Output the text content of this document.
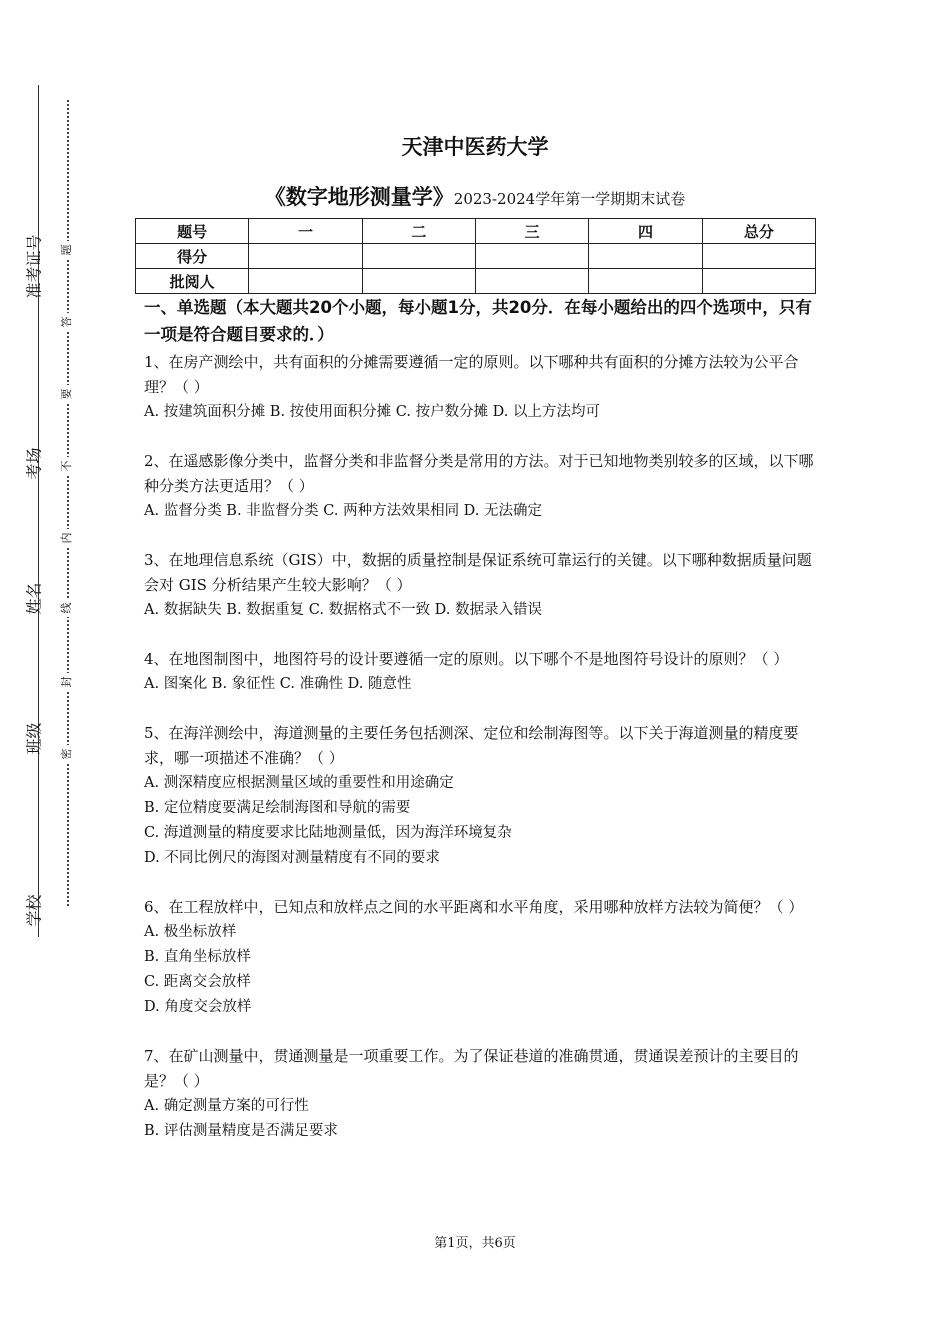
准考证号
考场
姓名
班级
学校
题
答
要
不
内
线
封
密
天津中医药大学
《数字地形测量学》2023-2024学年第一学期期末试卷
题号	一	二	三	四	总分
得分					
批阅人					
一、单选题（本大题共20个小题，每小题1分，共20分．在每小题给出的四个选项中，只有一项是符合题目要求的．）
1、在房产测绘中，共有面积的分摊需要遵循一定的原则。以下哪种共有面积的分摊方法较为公平合理？（ ）
A. 按建筑面积分摊 B. 按使用面积分摊 C. 按户数分摊 D. 以上方法均可
2、在遥感影像分类中，监督分类和非监督分类是常用的方法。对于已知地物类别较多的区域，以下哪种分类方法更适用？（ ）
A. 监督分类 B. 非监督分类 C. 两种方法效果相同 D. 无法确定
3、在地理信息系统（GIS）中，数据的质量控制是保证系统可靠运行的关键。以下哪种数据质量问题会对 GIS 分析结果产生较大影响？（ ）
A. 数据缺失 B. 数据重复 C. 数据格式不一致 D. 数据录入错误
4、在地图制图中，地图符号的设计要遵循一定的原则。以下哪个不是地图符号设计的原则？（ ）
A. 图案化 B. 象征性 C. 准确性 D. 随意性
5、在海洋测绘中，海道测量的主要任务包括测深、定位和绘制海图等。以下关于海道测量的精度要求，哪一项描述不准确？（ ）
A. 测深精度应根据测量区域的重要性和用途确定
B. 定位精度要满足绘制海图和导航的需要
C. 海道测量的精度要求比陆地测量低，因为海洋环境复杂
D. 不同比例尺的海图对测量精度有不同的要求
6、在工程放样中，已知点和放样点之间的水平距离和水平角度，采用哪种放样方法较为简便？（ ）
A. 极坐标放样
B. 直角坐标放样
C. 距离交会放样
D. 角度交会放样
7、在矿山测量中，贯通测量是一项重要工作。为了保证巷道的准确贯通，贯通误差预计的主要目的是？（ ）
A. 确定测量方案的可行性
B. 评估测量精度是否满足要求
第1页，共6页
